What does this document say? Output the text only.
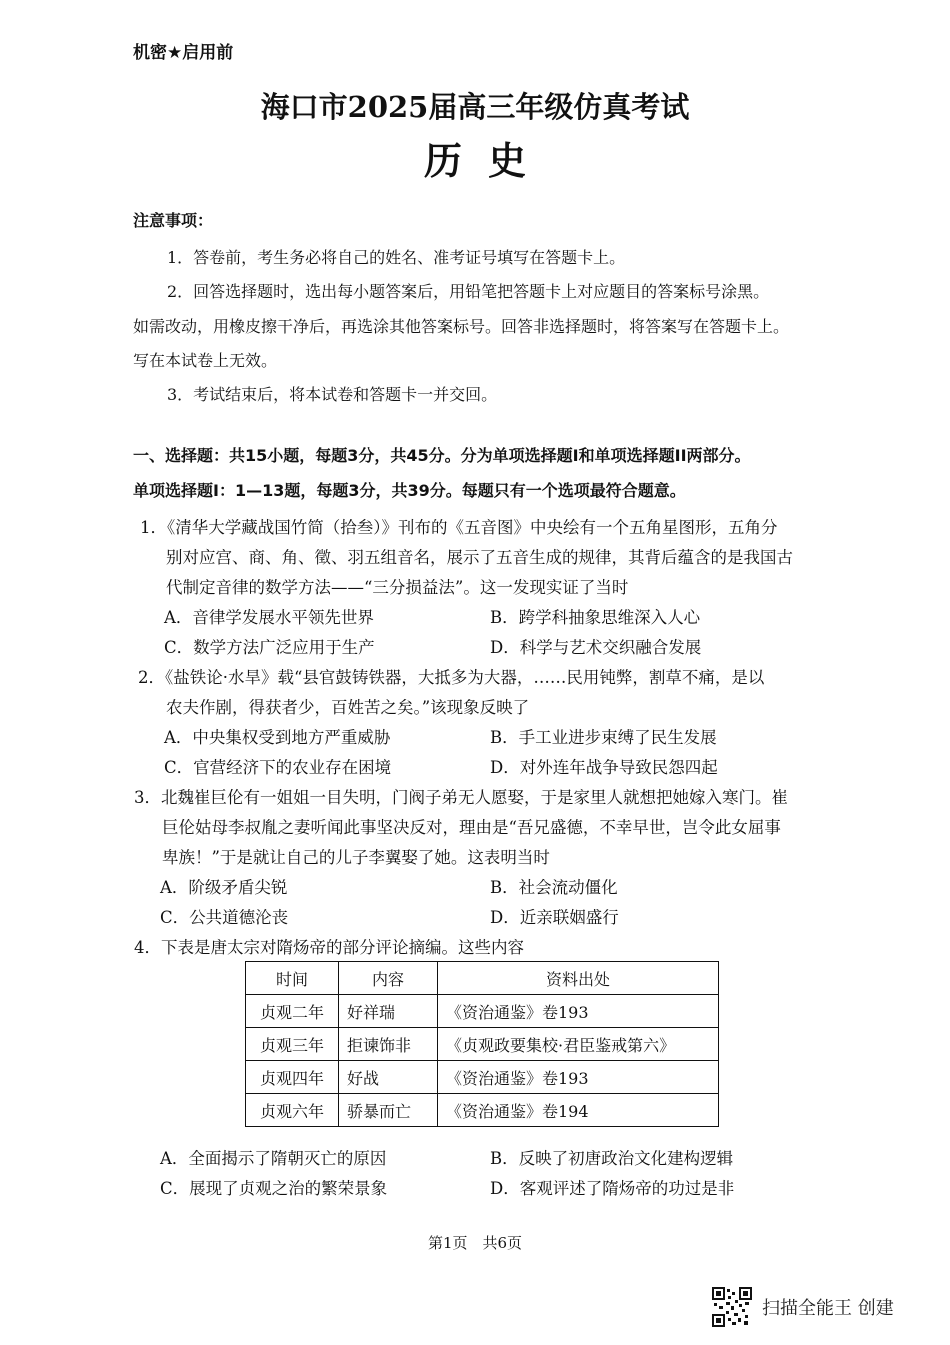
机密★启用前
海口市2025届高三年级仿真考试
历史
注意事项：
1．答卷前，考生务必将自己的姓名、准考证号填写在答题卡上。
2．回答选择题时，选出每小题答案后，用铅笔把答题卡上对应题目的答案标号涂黑。
如需改动，用橡皮擦干净后，再选涂其他答案标号。回答非选择题时，将答案写在答题卡上。
写在本试卷上无效。
3．考试结束后，将本试卷和答题卡一并交回。
一、选择题：共15小题，每题3分，共45分。分为单项选择题I和单项选择题II两部分。
单项选择题I：1—13题，每题3分，共39分。每题只有一个选项最符合题意。
1．《清华大学藏战国竹简（拾叁）》刊布的《五音图》中央绘有一个五角星图形，五角分
别对应宫、商、角、徵、羽五组音名，展示了五音生成的规律，其背后蕴含的是我国古
代制定音律的数学方法——“三分损益法”。这一发现实证了当时
A．音律学发展水平领先世界	B．跨学科抽象思维深入人心
C．数学方法广泛应用于生产	D．科学与艺术交织融合发展
2．《盐铁论·水旱》载“县官鼓铸铁器，大抵多为大器，……民用钝弊，割草不痛，是以
农夫作剧，得获者少，百姓苦之矣。”该现象反映了
A．中央集权受到地方严重威胁	B．手工业进步束缚了民生发展
C．官营经济下的农业存在困境	D．对外连年战争导致民怨四起
3．北魏崔巨伦有一姐姐一目失明，门阀子弟无人愿娶，于是家里人就想把她嫁入寒门。崔
巨伦姑母李叔胤之妻听闻此事坚决反对，理由是“吾兄盛德，不幸早世，岂令此女屈事
卑族！”于是就让自己的儿子李翼娶了她。这表明当时
A．阶级矛盾尖锐	B．社会流动僵化
C．公共道德沦丧	D．近亲联姻盛行
4．下表是唐太宗对隋炀帝的部分评论摘编。这些内容
时间	内容	资料出处
贞观二年	好祥瑞	《资治通鉴》卷193
贞观三年	拒谏饰非	《贞观政要集校·君臣鉴戒第六》
贞观四年	好战	《资治通鉴》卷193
贞观六年	骄暴而亡	《资治通鉴》卷194
A．全面揭示了隋朝灭亡的原因	B．反映了初唐政治文化建构逻辑
C．展现了贞观之治的繁荣景象	D．客观评述了隋炀帝的功过是非
第1页　共6页
扫描全能王 创建
